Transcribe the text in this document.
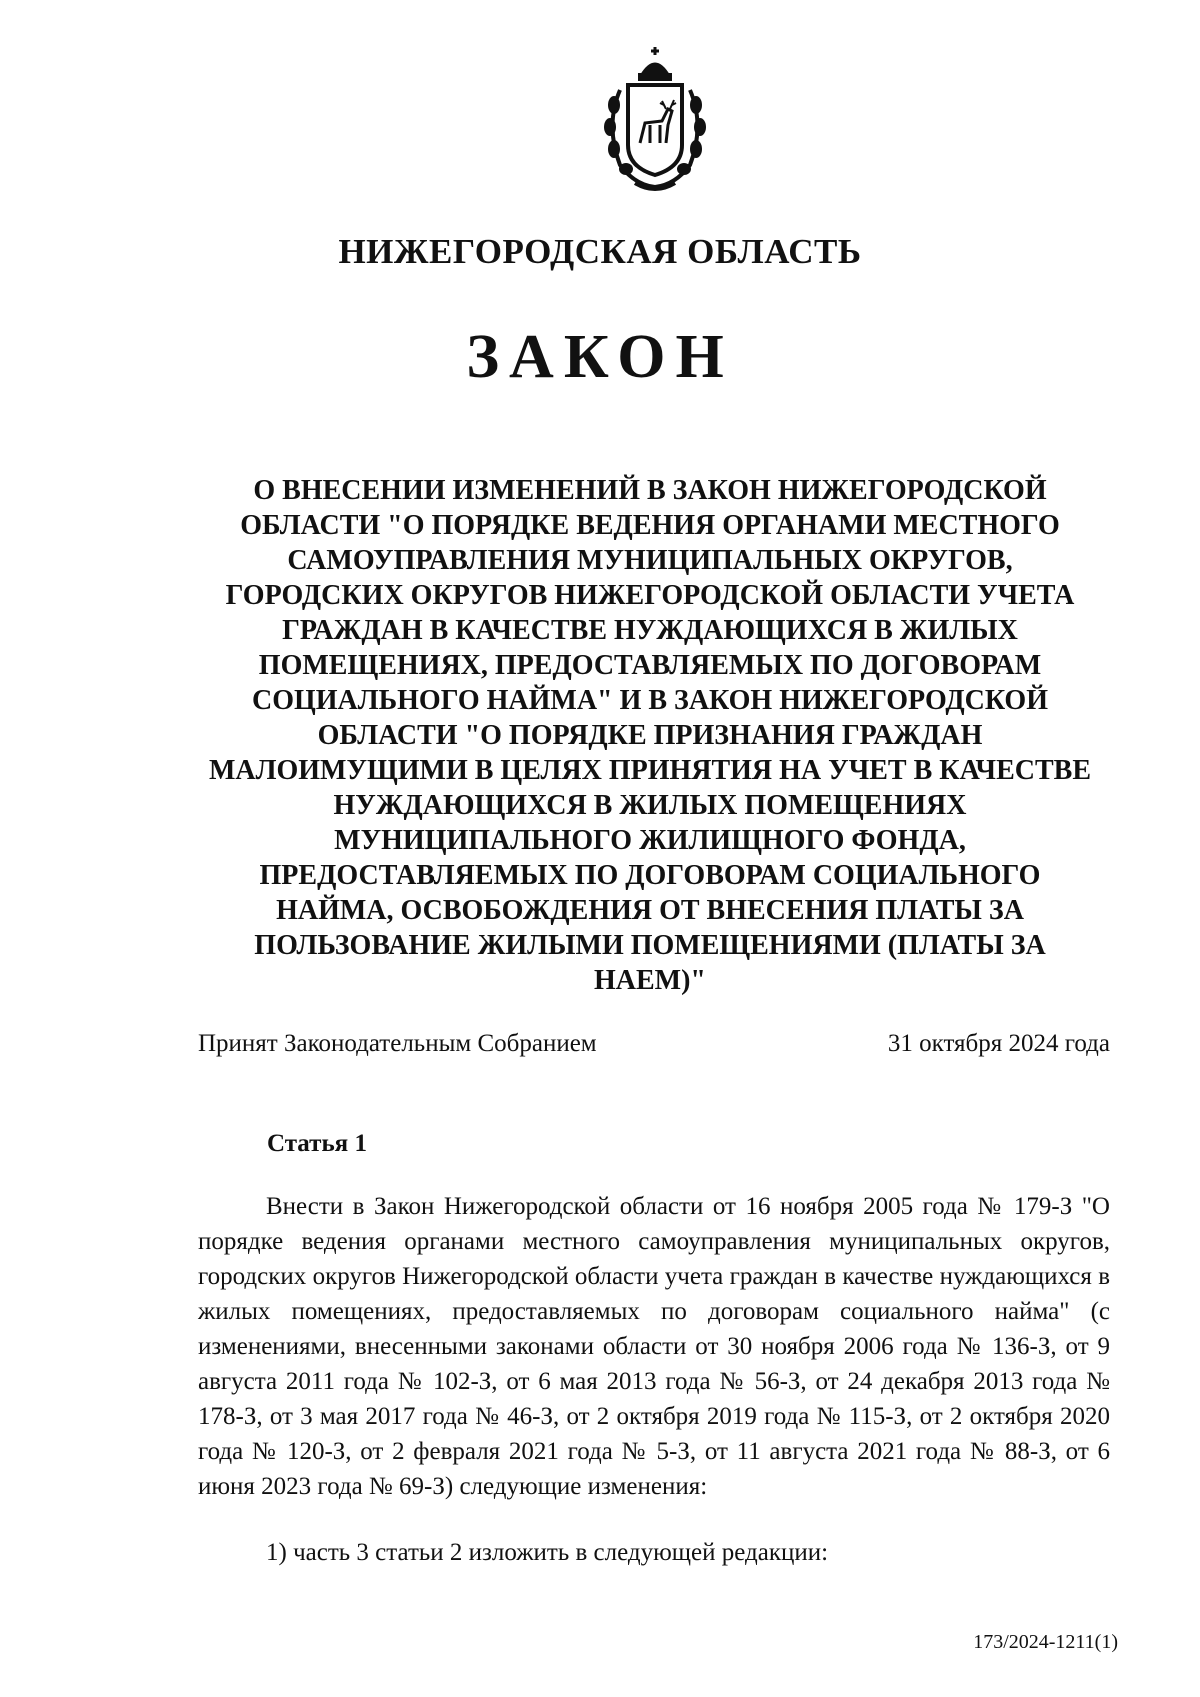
НИЖЕГОРОДСКАЯ ОБЛАСТЬ
ЗАКОН
О ВНЕСЕНИИ ИЗМЕНЕНИЙ В ЗАКОН НИЖЕГОРОДСКОЙ
ОБЛАСТИ "О ПОРЯДКЕ ВЕДЕНИЯ ОРГАНАМИ МЕСТНОГО
САМОУПРАВЛЕНИЯ МУНИЦИПАЛЬНЫХ ОКРУГОВ,
ГОРОДСКИХ ОКРУГОВ НИЖЕГОРОДСКОЙ ОБЛАСТИ УЧЕТА
ГРАЖДАН В КАЧЕСТВЕ НУЖДАЮЩИХСЯ В ЖИЛЫХ
ПОМЕЩЕНИЯХ, ПРЕДОСТАВЛЯЕМЫХ ПО ДОГОВОРАМ
СОЦИАЛЬНОГО НАЙМА" И В ЗАКОН НИЖЕГОРОДСКОЙ
ОБЛАСТИ "О ПОРЯДКЕ ПРИЗНАНИЯ ГРАЖДАН
МАЛОИМУЩИМИ В ЦЕЛЯХ ПРИНЯТИЯ НА УЧЕТ В КАЧЕСТВЕ
НУЖДАЮЩИХСЯ В ЖИЛЫХ ПОМЕЩЕНИЯХ
МУНИЦИПАЛЬНОГО ЖИЛИЩНОГО ФОНДА,
ПРЕДОСТАВЛЯЕМЫХ ПО ДОГОВОРАМ СОЦИАЛЬНОГО
НАЙМА, ОСВОБОЖДЕНИЯ ОТ ВНЕСЕНИЯ ПЛАТЫ ЗА
ПОЛЬЗОВАНИЕ ЖИЛЫМИ ПОМЕЩЕНИЯМИ (ПЛАТЫ ЗА
НАЕМ)"
Принят Законодательным Собранием	31 октября 2024 года
Статья 1

Внести в Закон Нижегородской области от 16 ноября 2005 года № 179-З "О порядке ведения органами местного самоуправления муниципальных округов, городских округов Нижегородской области учета граждан в качестве нуждающихся в жилых помещениях, предоставляемых по договорам социального найма" (с изменениями, внесенными законами области от 30 ноября 2006 года № 136-З, от 9 августа 2011 года № 102-З, от 6 мая 2013 года № 56-З, от 24 декабря 2013 года № 178-З, от 3 мая 2017 года № 46-З, от 2 октября 2019 года № 115-З, от 2 октября 2020 года № 120-З, от 2 февраля 2021 года № 5-З, от 11 августа 2021 года № 88-З, от 6 июня 2023 года № 69-З) следующие изменения:

1) часть 3 статьи 2 изложить в следующей редакции:
173/2024-1211(1)
